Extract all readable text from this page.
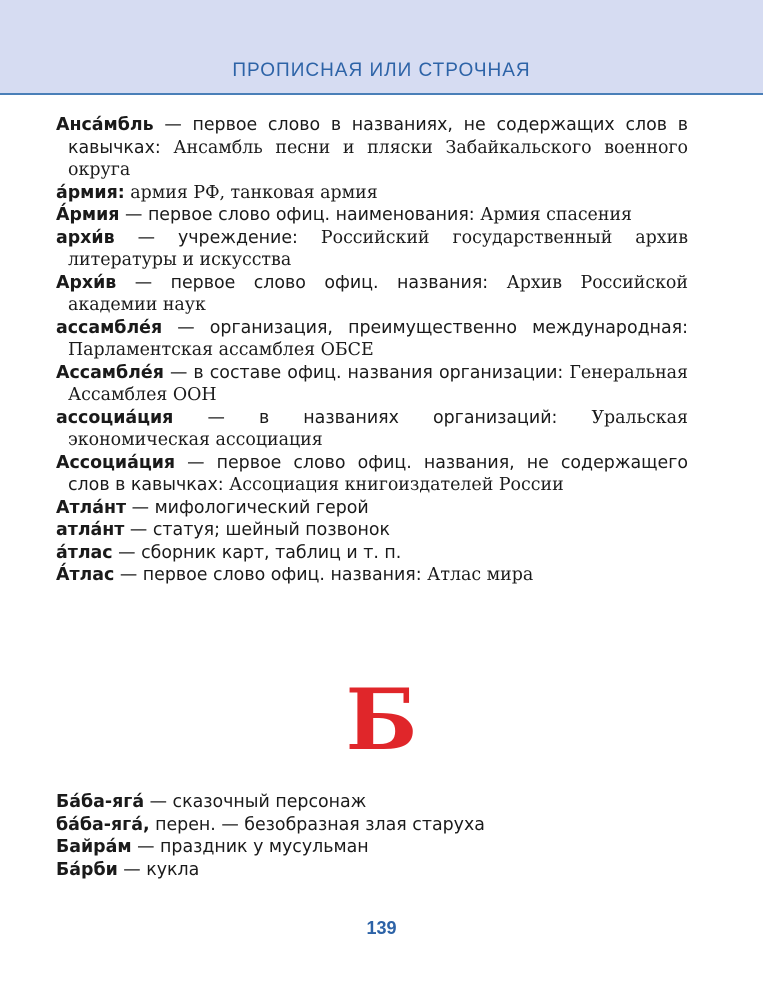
ПРОПИСНАЯ ИЛИ СТРОЧНАЯ

Анса́мбль — первое слово в названиях, не содержащих слов в кавычках: Ансамбль песни и пляски Забайкальского военного округа

а́рмия: армия РФ, танковая армия

А́рмия — первое слово офиц. наименования: Армия спасения

архи́в — учреждение: Российский государственный архив литературы и искусства

Архи́в — первое слово офиц. названия: Архив Российской академии наук

ассамбле́я — организация, преимущественно международная: Парламентская ассамблея ОБСЕ

Ассамбле́я — в составе офиц. названия организации: Генеральная Ассамблея ООН

ассоциа́ция — в названиях организаций: Уральская экономическая ассоциация

Ассоциа́ция — первое слово офиц. названия, не содержащего слов в кавычках: Ассоциация книгоиздателей России

Атла́нт — мифологический герой

атла́нт — статуя; шейный позвонок

а́тлас — сборник карт, таблиц и т. п.

А́тлас — первое слово офиц. названия: Атлас мира

Б

Ба́ба-яга́ — сказочный персонаж

ба́ба-яга́, перен. — безобразная злая старуха

Байра́м — праздник у мусульман

Ба́рби — кукла

139
